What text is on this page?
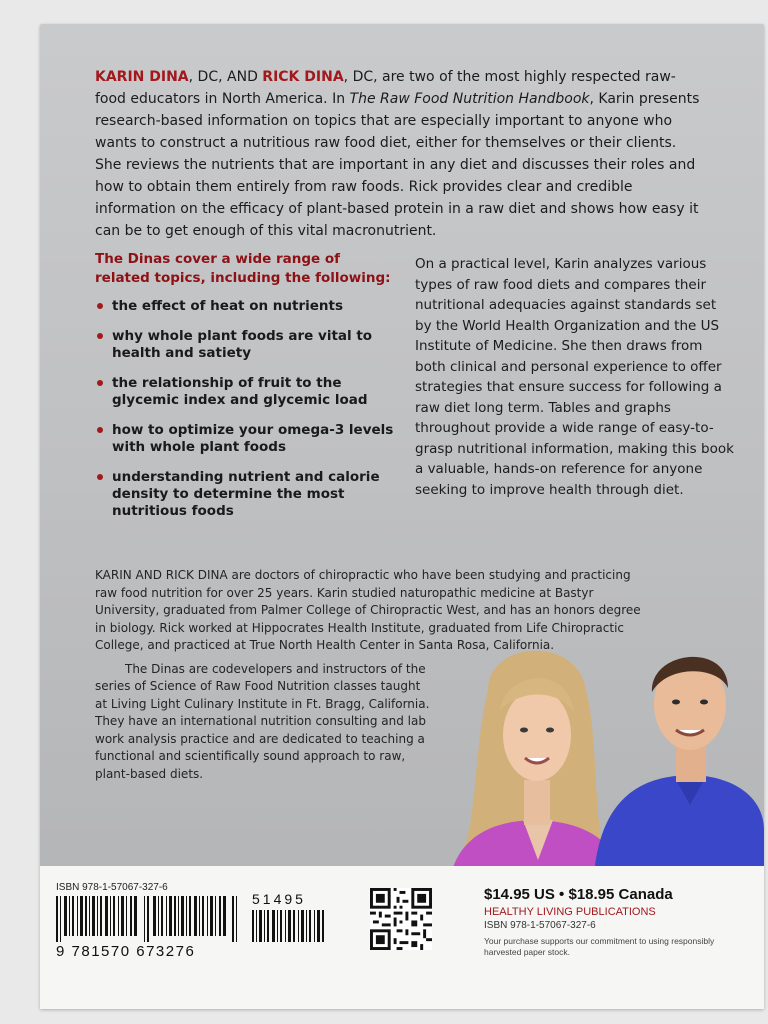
KARIN DINA, DC, AND RICK DINA, DC, are two of the most highly respected raw-food educators in North America. In The Raw Food Nutrition Handbook, Karin presents research-based information on topics that are especially important to anyone who wants to construct a nutritious raw food diet, either for themselves or their clients. She reviews the nutrients that are important in any diet and discusses their roles and how to obtain them entirely from raw foods. Rick provides clear and credible information on the efficacy of plant-based protein in a raw diet and shows how easy it can be to get enough of this vital macronutrient.

The Dinas cover a wide range of related topics, including the following:

the effect of heat on nutrients
why whole plant foods are vital to health and satiety
the relationship of fruit to the glycemic index and glycemic load
how to optimize your omega-3 levels with whole plant foods
understanding nutrient and calorie density to determine the most nutritious foods

On a practical level, Karin analyzes various types of raw food diets and compares their nutritional adequacies against standards set by the World Health Organization and the US Institute of Medicine. She then draws from both clinical and personal experience to offer strategies that ensure success for following a raw diet long term. Tables and graphs throughout provide a wide range of easy-to-grasp nutritional information, making this book a valuable, hands-on reference for anyone seeking to improve health through diet.

KARIN AND RICK DINA are doctors of chiropractic who have been studying and practicing raw food nutrition for over 25 years. Karin studied naturopathic medicine at Bastyr University, graduated from Palmer College of Chiropractic West, and has an honors degree in biology. Rick worked at Hippocrates Health Institute, graduated from Life Chiropractic College, and practiced at True North Health Center in Santa Rosa, California.

The Dinas are codevelopers and instructors of the series of Science of Raw Food Nutrition classes taught at Living Light Culinary Institute in Ft. Bragg, California. They have an international nutrition consulting and lab work analysis practice and are dedicated to teaching a functional and scientifically sound approach to raw, plant-based diets.

ISBN 978-1-57067-327-6
51495
9 781570 673276
$14.95 US • $18.95 Canada
HEALTHY LIVING PUBLICATIONS
ISBN 978-1-57067-327-6
Your purchase supports our commitment to using responsibly harvested paper stock.
